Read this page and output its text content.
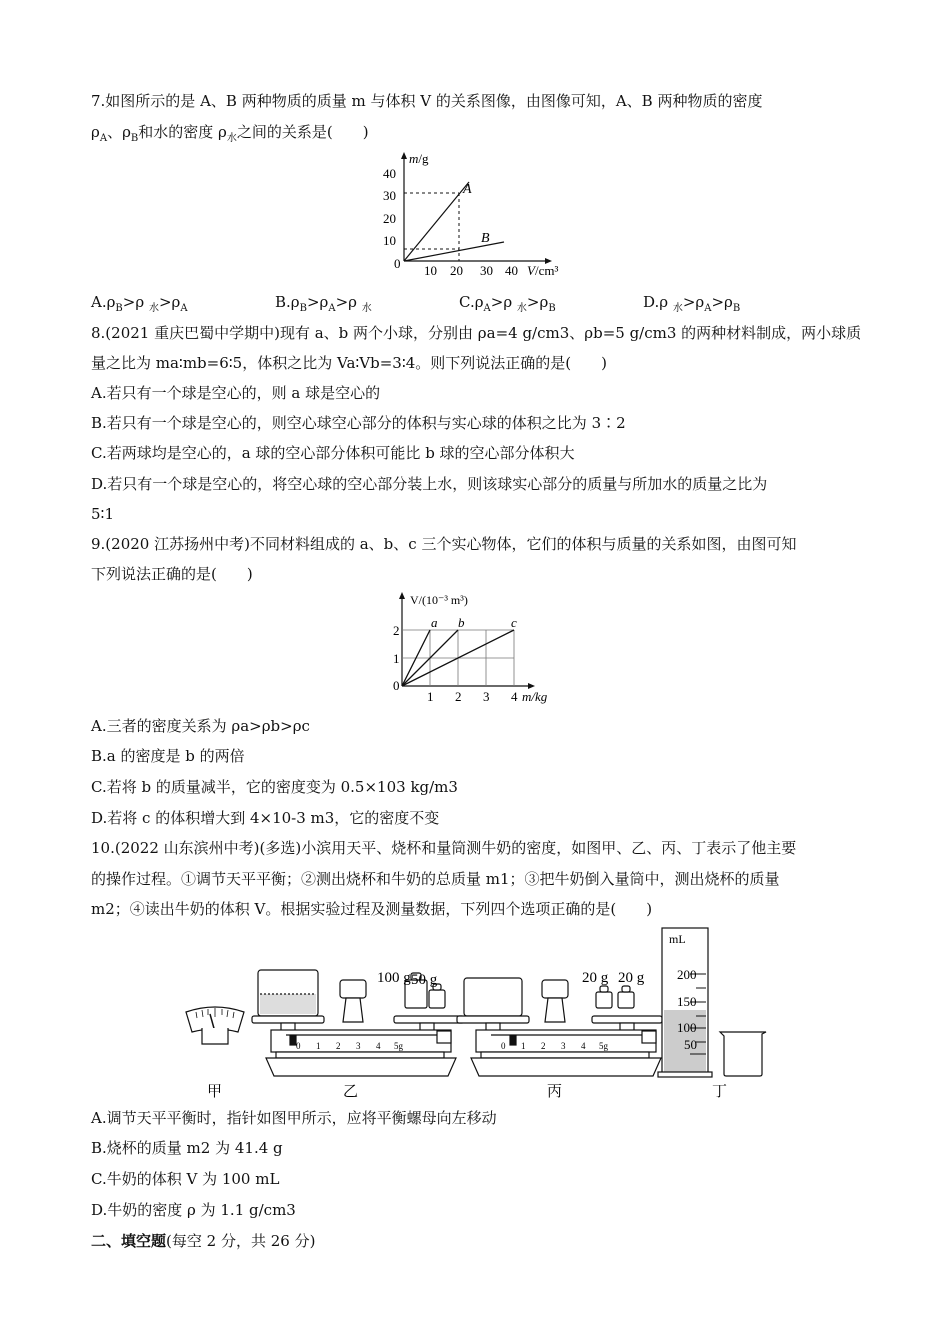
7.如图所示的是 A、B 两种物质的质量 m 与体积 V 的关系图像，由图像可知，A、B 两种物质的密度
$\rho_A$、$\rho_B$和水的密度 $\rho_水$之间的关系是(　　)
m/g
40
30
20
10
0 10 20 30 40 V/cm³
A
B
$A.\rho_B>\rho$ $_水>\rho_A$	$B.\rho_B>\rho_A>\rho$ $_水$	$C.\rho_A>\rho$ $_水>\rho_B$	D.ρ $_水>\rho_A>\rho_B$
8.(2021 重庆巴蜀中学期中)现有 a、b 两个小球，分别由 ρa=4 g/cm3、ρb=5 g/cm3 的两种材料制成，两小球质
量之比为 ma∶mb=6∶5，体积之比为 Va∶Vb=3∶4。则下列说法正确的是(　　)
A.若只有一个球是空心的，则 a 球是空心的
B.若只有一个球是空心的，则空心球空心部分的体积与实心球的体积之比为 3∶2
C.若两球均是空心的，a 球的空心部分体积可能比 b 球的空心部分体积大
D.若只有一个球是空心的，将空心球的空心部分装上水，则该球实心部分的质量与所加水的质量之比为
5∶1
9.(2020 江苏扬州中考)不同材料组成的 a、b、c 三个实心物体，它们的体积与质量的关系如图，由图可知
下列说法正确的是(　　)
V/(10⁻³ m³)
2
1
0
1 2 3 4 m/kg
a b	c
A.三者的密度关系为 ρa>ρb>ρc
B.a 的密度是 b 的两倍
C.若将 b 的质量减半，它的密度变为 0.5×103 kg/m3
D.若将 c 的体积增大到 4×10-3 m3，它的密度不变
10.(2022 山东滨州中考)(多选)小滨用天平、烧杯和量筒测牛奶的密度，如图甲、乙、丙、丁表示了他主要
的操作过程。①调节天平平衡；②测出烧杯和牛奶的总质量 m1；③把牛奶倒入量筒中，测出烧杯的质量
m2；④读出牛奶的体积 V。根据实验过程及测量数据，下列四个选项正确的是(　　)
100 g 50 g
0 1 2 3 4 5g
20 g 20 g
0 1 2 3 4 5g
mL
200
150
100
50
甲	乙	丙	丁
A.调节天平平衡时，指针如图甲所示，应将平衡螺母向左移动
B.烧杯的质量 m2 为 41.4 g
C.牛奶的体积 V 为 100 mL
D.牛奶的密度 ρ 为 1.1 g/cm3
二、填空题(每空 2 分，共 26 分)
